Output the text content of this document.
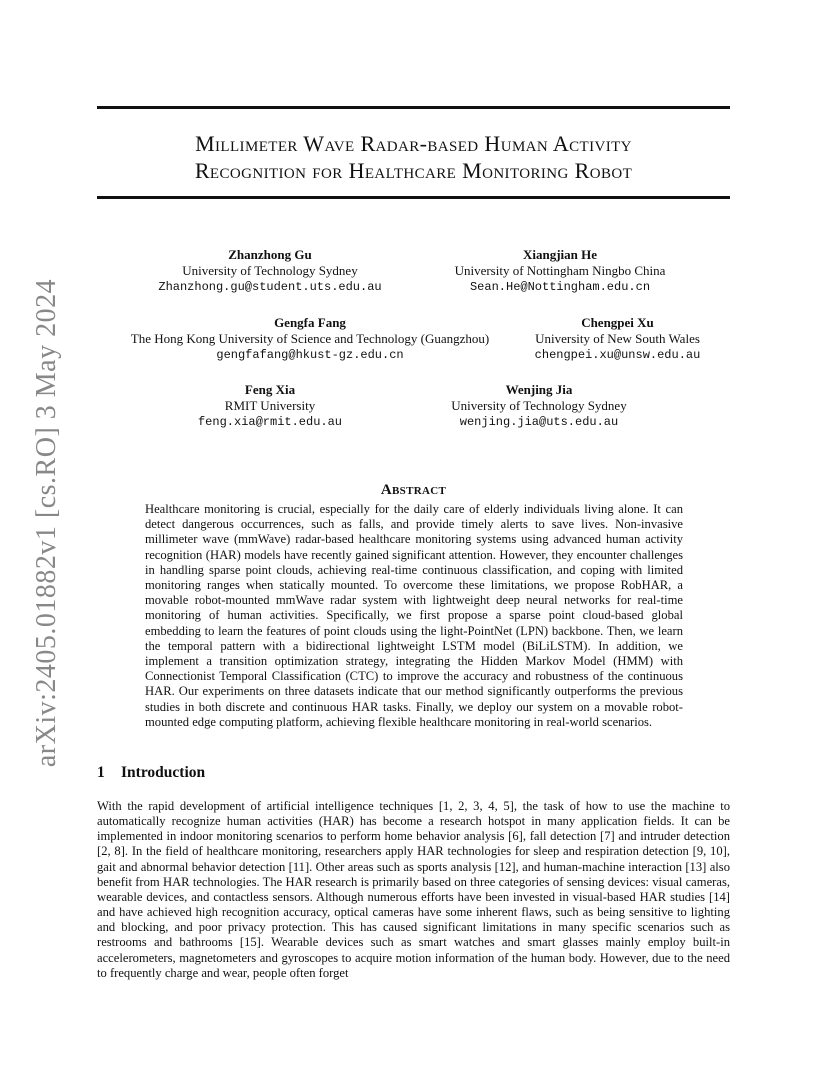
arXiv:2405.01882v1 [cs.RO] 3 May 2024
Millimeter Wave Radar-based Human Activity
Recognition for Healthcare Monitoring Robot
Zhanzhong Gu
University of Technology Sydney
Zhanzhong.gu@student.uts.edu.au
Xiangjian He
University of Nottingham Ningbo China
Sean.He@Nottingham.edu.cn
Gengfa Fang
The Hong Kong University of Science and Technology (Guangzhou)
gengfafang@hkust-gz.edu.cn
Chengpei Xu
University of New South Wales
chengpei.xu@unsw.edu.au
Feng Xia
RMIT University
feng.xia@rmit.edu.au
Wenjing Jia
University of Technology Sydney
wenjing.jia@uts.edu.au
Abstract
Healthcare monitoring is crucial, especially for the daily care of elderly individuals living alone. It can detect dangerous occurrences, such as falls, and provide timely alerts to save lives. Non-invasive millimeter wave (mmWave) radar-based healthcare monitoring systems using advanced human activity recognition (HAR) models have recently gained significant attention. However, they encounter challenges in handling sparse point clouds, achieving real-time continuous classification, and coping with limited monitoring ranges when statically mounted. To overcome these limitations, we propose RobHAR, a movable robot-mounted mmWave radar system with lightweight deep neural networks for real-time monitoring of human activities. Specifically, we first propose a sparse point cloud-based global embedding to learn the features of point clouds using the light-PointNet (LPN) backbone. Then, we learn the temporal pattern with a bidirectional lightweight LSTM model (BiLiLSTM). In addition, we implement a transition optimization strategy, integrating the Hidden Markov Model (HMM) with Connectionist Temporal Classification (CTC) to improve the accuracy and robustness of the continuous HAR. Our experiments on three datasets indicate that our method significantly outperforms the previous studies in both discrete and continuous HAR tasks. Finally, we deploy our system on a movable robot-mounted edge computing platform, achieving flexible healthcare monitoring in real-world scenarios.
1 Introduction
With the rapid development of artificial intelligence techniques [1, 2, 3, 4, 5], the task of how to use the machine to automatically recognize human activities (HAR) has become a research hotspot in many application fields. It can be implemented in indoor monitoring scenarios to perform home behavior analysis [6], fall detection [7] and intruder detection [2, 8]. In the field of healthcare monitoring, researchers apply HAR technologies for sleep and respiration detection [9, 10], gait and abnormal behavior detection [11]. Other areas such as sports analysis [12], and human-machine interaction [13] also benefit from HAR technologies. The HAR research is primarily based on three categories of sensing devices: visual cameras, wearable devices, and contactless sensors. Although numerous efforts have been invested in visual-based HAR studies [14] and have achieved high recognition accuracy, optical cameras have some inherent flaws, such as being sensitive to lighting and blocking, and poor privacy protection. This has caused significant limitations in many specific scenarios such as restrooms and bathrooms [15]. Wearable devices such as smart watches and smart glasses mainly employ built-in accelerometers, magnetometers and gyroscopes to acquire motion information of the human body. However, due to the need to frequently charge and wear, people often forget
